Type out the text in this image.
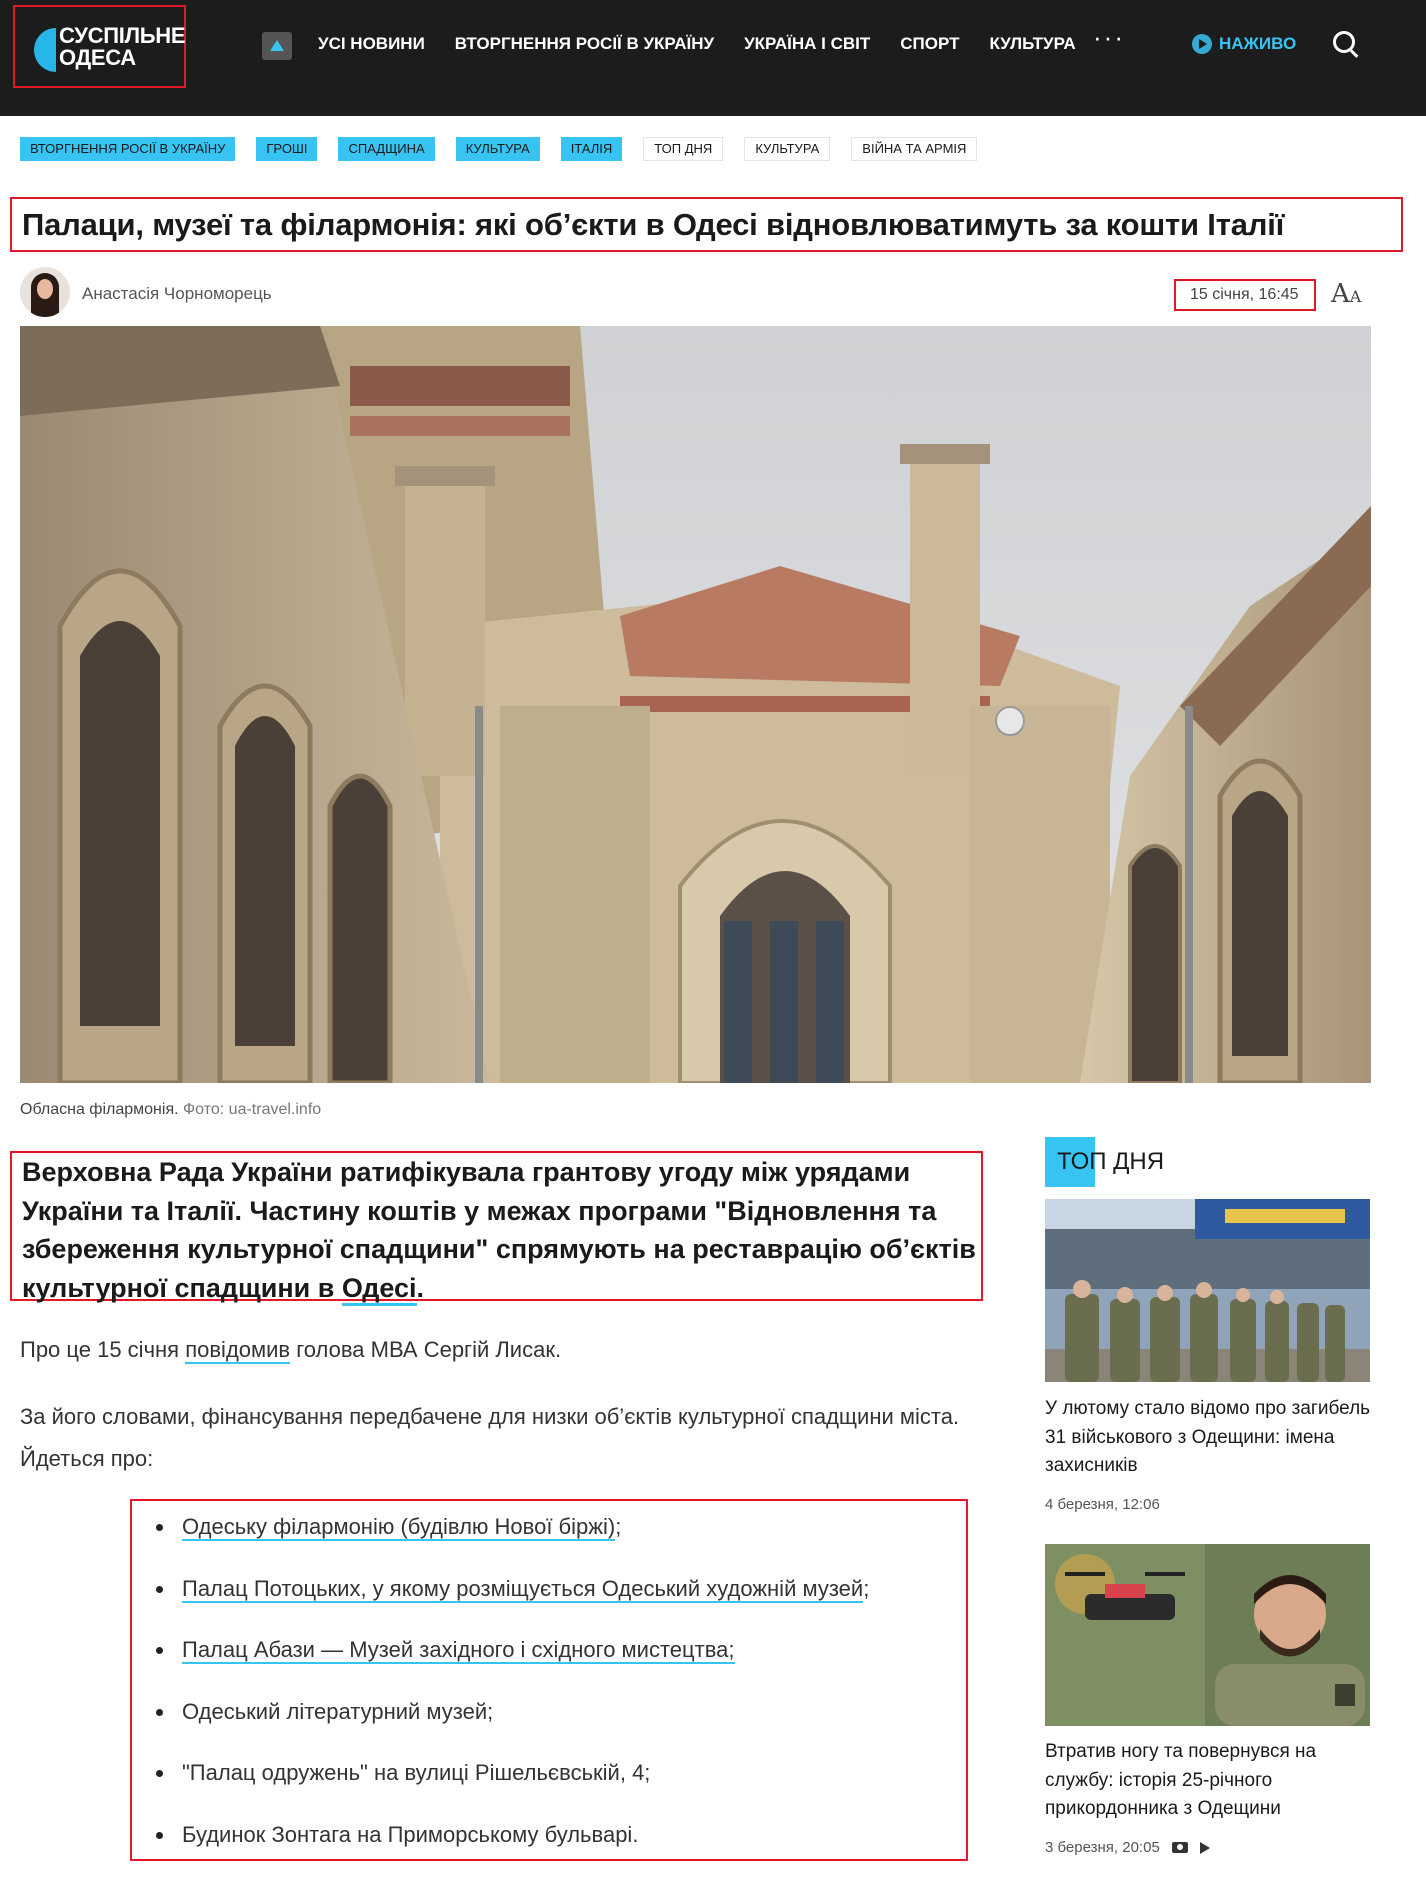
СУСПІЛЬНЕ
ОДЕСА
УСІ НОВИНИ ВТОРГНЕННЯ РОСІЇ В УКРАЇНУ УКРАЇНА І СВІТ СПОРТ КУЛЬТУРА ···	НАЖИВО
ВТОРГНЕННЯ РОСІЇ В УКРАЇНУ	ГРОШІ	СПАДЩИНА	КУЛЬТУРА	ІТАЛІЯ	ТОП ДНЯ	КУЛЬТУРА	ВІЙНА ТА АРМІЯ
Палаци, музеї та філармонія: які об’єкти в Одесі відновлюватимуть за кошти Італії
Анастасія Чорноморець	15 січня, 16:45 AA
Обласна філармонія. Фото: ua-travel.info

Верховна Рада України ратифікувала грантову угоду між урядами України та Італії. Частину коштів у межах програми "Відновлення та збереження культурної спадщини" спрямують на реставрацію об’єктів культурної спадщини в Одесі.

Про це 15 січня повідомив голова МВА Сергій Лисак.
За його словами, фінансування передбачене для низки об’єктів культурної спадщини міста. Йдеться про:
Одеську філармонію (будівлю Нової біржі);
Палац Потоцьких, у якому розміщується Одеський художній музей;
Палац Абази — Музей західного і східного мистецтва;
Одеський літературний музей;
"Палац одружень" на вулиці Рішельєвській, 4;
Будинок Зонтага на Приморському бульварі.
ТОП ДНЯ
У лютому стало відомо про загибель 31 військового з Одещини: імена захисників
4 березня, 12:06
Втратив ногу та повернувся на службу: історія 25-річного прикордонника з Одещини
3 березня, 20:05
